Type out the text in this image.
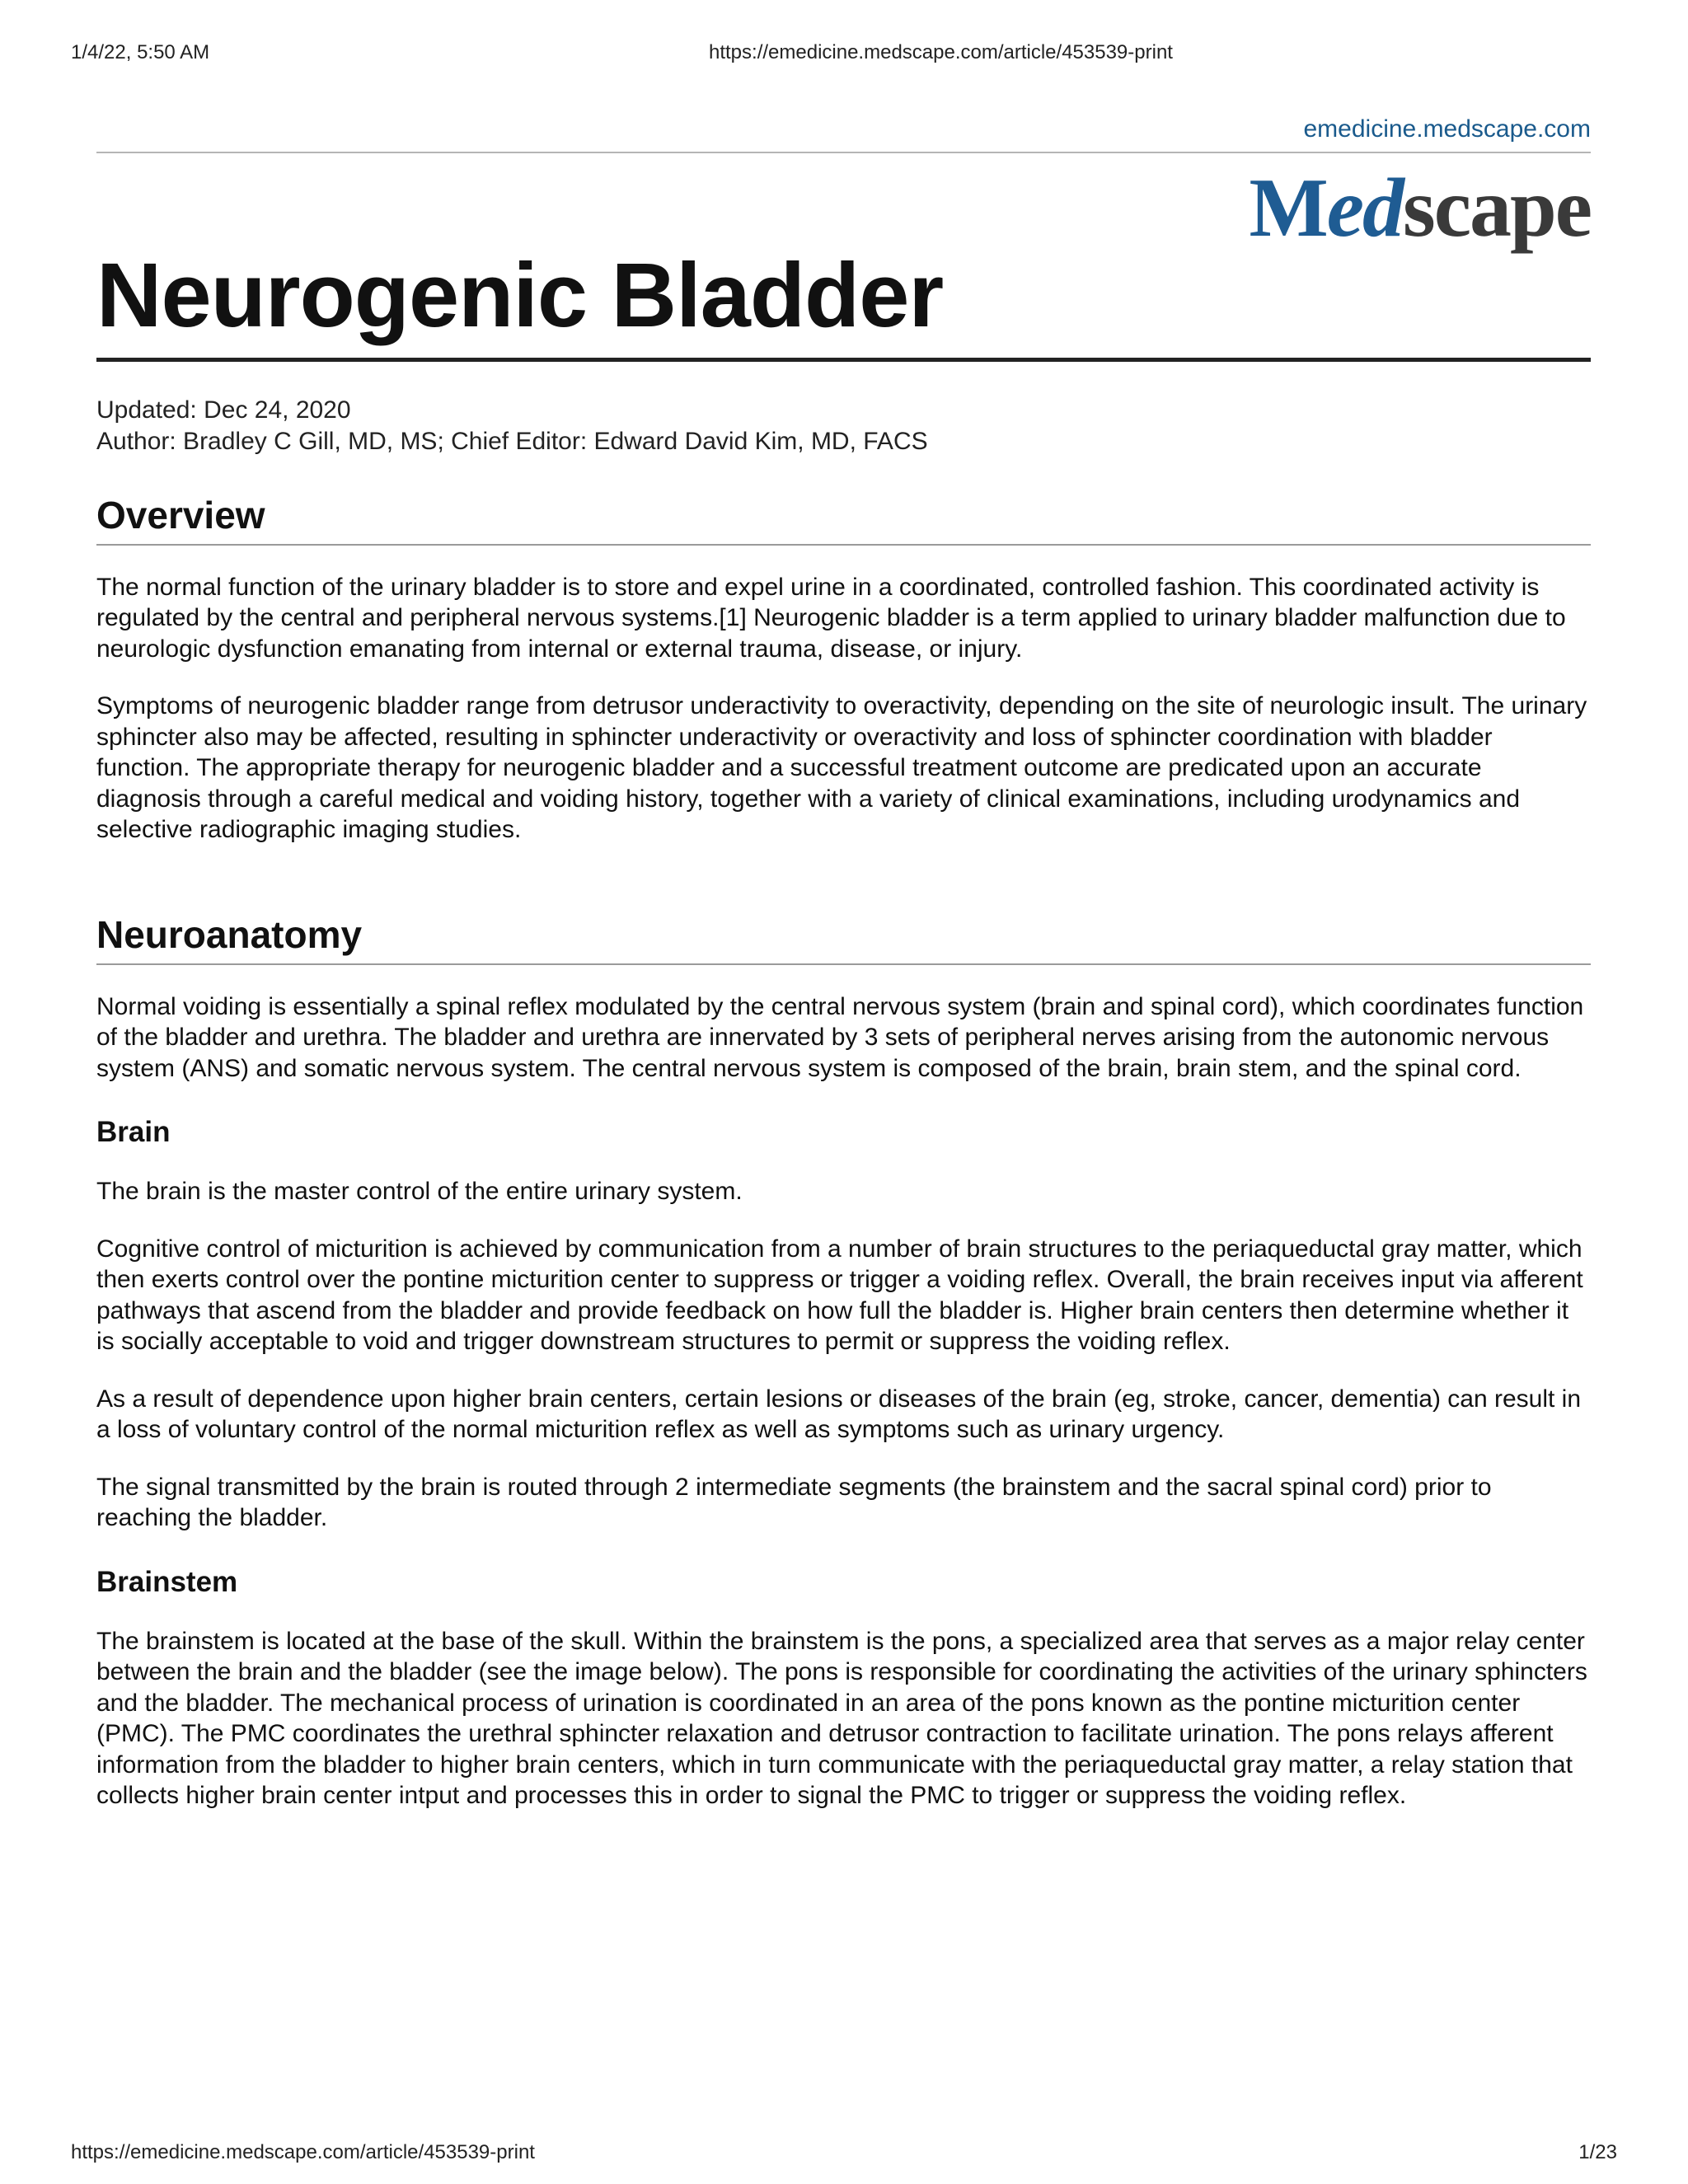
1/4/22, 5:50 AM	https://emedicine.medscape.com/article/453539-print
emedicine.medscape.com
Medscape
Neurogenic Bladder
Updated: Dec 24, 2020
Author: Bradley C Gill, MD, MS; Chief Editor: Edward David Kim, MD, FACS
Overview

The normal function of the urinary bladder is to store and expel urine in a coordinated, controlled fashion. This coordinated activity is regulated by the central and peripheral nervous systems.[1] Neurogenic bladder is a term applied to urinary bladder malfunction due to neurologic dysfunction emanating from internal or external trauma, disease, or injury.

Symptoms of neurogenic bladder range from detrusor underactivity to overactivity, depending on the site of neurologic insult. The urinary sphincter also may be affected, resulting in sphincter underactivity or overactivity and loss of sphincter coordination with bladder function. The appropriate therapy for neurogenic bladder and a successful treatment outcome are predicated upon an accurate diagnosis through a careful medical and voiding history, together with a variety of clinical examinations, including urodynamics and selective radiographic imaging studies.

Neuroanatomy

Normal voiding is essentially a spinal reflex modulated by the central nervous system (brain and spinal cord), which coordinates function of the bladder and urethra. The bladder and urethra are innervated by 3 sets of peripheral nerves arising from the autonomic nervous system (ANS) and somatic nervous system. The central nervous system is composed of the brain, brain stem, and the spinal cord.

Brain

The brain is the master control of the entire urinary system.

Cognitive control of micturition is achieved by communication from a number of brain structures to the periaqueductal gray matter, which then exerts control over the pontine micturition center to suppress or trigger a voiding reflex. Overall, the brain receives input via afferent pathways that ascend from the bladder and provide feedback on how full the bladder is. Higher brain centers then determine whether it is socially acceptable to void and trigger downstream structures to permit or suppress the voiding reflex.

As a result of dependence upon higher brain centers, certain lesions or diseases of the brain (eg, stroke, cancer, dementia) can result in a loss of voluntary control of the normal micturition reflex as well as symptoms such as urinary urgency.

The signal transmitted by the brain is routed through 2 intermediate segments (the brainstem and the sacral spinal cord) prior to reaching the bladder.

Brainstem

The brainstem is located at the base of the skull. Within the brainstem is the pons, a specialized area that serves as a major relay center between the brain and the bladder (see the image below). The pons is responsible for coordinating the activities of the urinary sphincters and the bladder. The mechanical process of urination is coordinated in an area of the pons known as the pontine micturition center (PMC). The PMC coordinates the urethral sphincter relaxation and detrusor contraction to facilitate urination. The pons relays afferent information from the bladder to higher brain centers, which in turn communicate with the periaqueductal gray matter, a relay station that collects higher brain center intput and processes this in order to signal the PMC to trigger or suppress the voiding reflex.

https://emedicine.medscape.com/article/453539-print	1/23
